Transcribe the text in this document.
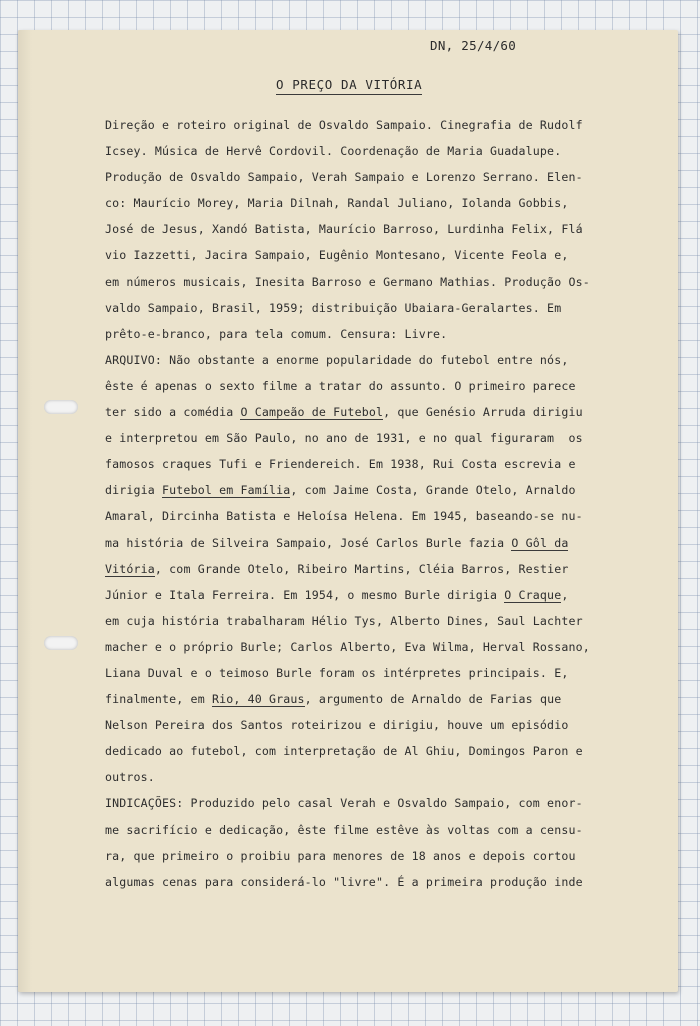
DN, 25/4/60
O PREÇO DA VITÓRIA
Direção e roteiro original de Osvaldo Sampaio. Cinegrafia de Rudolf
Icsey. Música de Hervê Cordovil. Coordenação de Maria Guadalupe.
Produção de Osvaldo Sampaio, Verah Sampaio e Lorenzo Serrano. Elen-
co: Maurício Morey, Maria Dilnah, Randal Juliano, Iolanda Gobbis,
José de Jesus, Xandó Batista, Maurício Barroso, Lurdinha Felix, Flá
vio Iazzetti, Jacira Sampaio, Eugênio Montesano, Vicente Feola e,
em números musicais, Inesita Barroso e Germano Mathias. Produção Os-
valdo Sampaio, Brasil, 1959; distribuição Ubaiara-Geralartes. Em
prêto-e-branco, para tela comum. Censura: Livre.
ARQUIVO: Não obstante a enorme popularidade do futebol entre nós,
êste é apenas o sexto filme a tratar do assunto. O primeiro parece
ter sido a comédia O Campeão de Futebol, que Genésio Arruda dirigiu
e interpretou em São Paulo, no ano de 1931, e no qual figuraram  os
famosos craques Tufi e Friendereich. Em 1938, Rui Costa escrevia e
dirigia Futebol em Família, com Jaime Costa, Grande Otelo, Arnaldo
Amaral, Dircinha Batista e Heloísa Helena. Em 1945, baseando-se nu-
ma história de Silveira Sampaio, José Carlos Burle fazia O Gôl da
Vitória, com Grande Otelo, Ribeiro Martins, Cléia Barros, Restier
Júnior e Itala Ferreira. Em 1954, o mesmo Burle dirigia O Craque,
em cuja história trabalharam Hélio Tys, Alberto Dines, Saul Lachter
macher e o próprio Burle; Carlos Alberto, Eva Wilma, Herval Rossano,
Liana Duval e o teimoso Burle foram os intérpretes principais. E,
finalmente, em Rio, 40 Graus, argumento de Arnaldo de Farias que
Nelson Pereira dos Santos roteirizou e dirigiu, houve um episódio
dedicado ao futebol, com interpretação de Al Ghiu, Domingos Paron e
outros.
INDICAÇÕES: Produzido pelo casal Verah e Osvaldo Sampaio, com enor-
me sacrifício e dedicação, êste filme estêve às voltas com a censu-
ra, que primeiro o proibiu para menores de 18 anos e depois cortou
algumas cenas para considerá-lo "livre". É a primeira produção inde
